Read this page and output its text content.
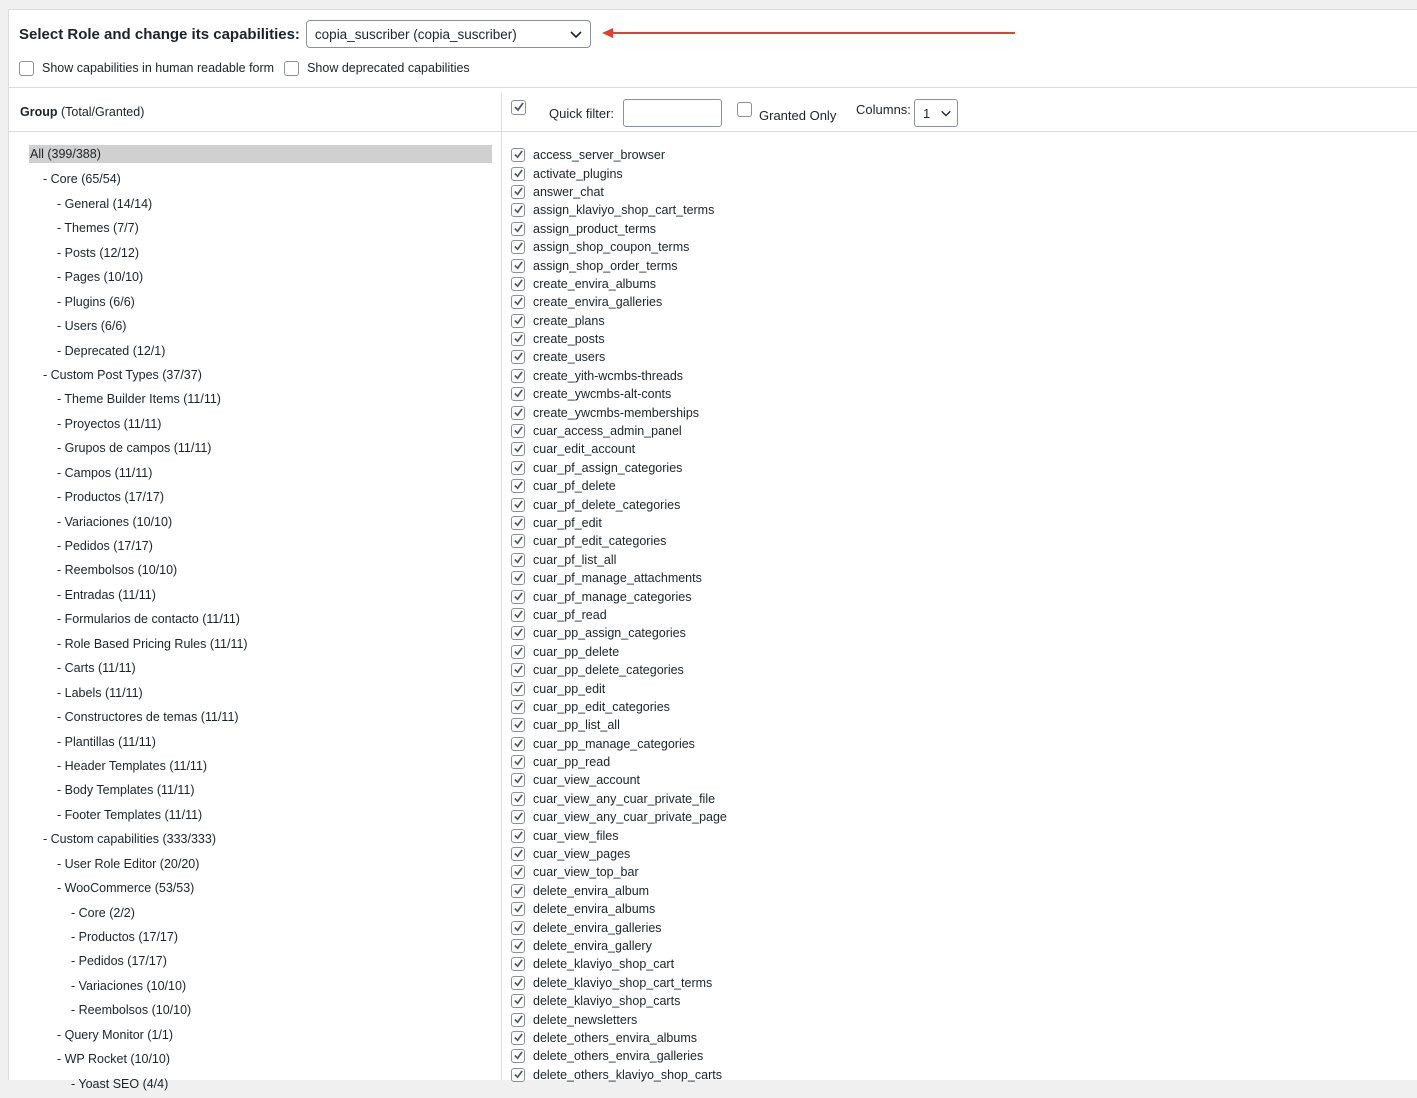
Select Role and change its capabilities: copia_suscriber (copia_suscriber)
Show capabilities in human readable form	Show deprecated capabilities
Group (Total/Granted)	Quick filter:	Granted Only Columns: 1
All (399/388)
- Core (65/54)
- General (14/14)
- Themes (7/7)
- Posts (12/12)
- Pages (10/10)
- Plugins (6/6)
- Users (6/6)
- Deprecated (12/1)
- Custom Post Types (37/37)
- Theme Builder Items (11/11)
- Proyectos (11/11)
- Grupos de campos (11/11)
- Campos (11/11)
- Productos (17/17)
- Variaciones (10/10)
- Pedidos (17/17)
- Reembolsos (10/10)
- Entradas (11/11)
- Formularios de contacto (11/11)
- Role Based Pricing Rules (11/11)
- Carts (11/11)
- Labels (11/11)
- Constructores de temas (11/11)
- Plantillas (11/11)
- Header Templates (11/11)
- Body Templates (11/11)
- Footer Templates (11/11)
- Custom capabilities (333/333)
- User Role Editor (20/20)
- WooCommerce (53/53)
- Core (2/2)
- Productos (17/17)
- Pedidos (17/17)
- Variaciones (10/10)
- Reembolsos (10/10)
- Query Monitor (1/1)
- WP Rocket (10/10)
- Yoast SEO (4/4)
access_server_browser
activate_plugins
answer_chat
assign_klaviyo_shop_cart_terms
assign_product_terms
assign_shop_coupon_terms
assign_shop_order_terms
create_envira_albums
create_envira_galleries
create_plans
create_posts
create_users
create_yith-wcmbs-threads
create_ywcmbs-alt-conts
create_ywcmbs-memberships
cuar_access_admin_panel
cuar_edit_account
cuar_pf_assign_categories
cuar_pf_delete
cuar_pf_delete_categories
cuar_pf_edit
cuar_pf_edit_categories
cuar_pf_list_all
cuar_pf_manage_attachments
cuar_pf_manage_categories
cuar_pf_read
cuar_pp_assign_categories
cuar_pp_delete
cuar_pp_delete_categories
cuar_pp_edit
cuar_pp_edit_categories
cuar_pp_list_all
cuar_pp_manage_categories
cuar_pp_read
cuar_view_account
cuar_view_any_cuar_private_file
cuar_view_any_cuar_private_page
cuar_view_files
cuar_view_pages
cuar_view_top_bar
delete_envira_album
delete_envira_albums
delete_envira_galleries
delete_envira_gallery
delete_klaviyo_shop_cart
delete_klaviyo_shop_cart_terms
delete_klaviyo_shop_carts
delete_newsletters
delete_others_envira_albums
delete_others_envira_galleries
delete_others_klaviyo_shop_carts
